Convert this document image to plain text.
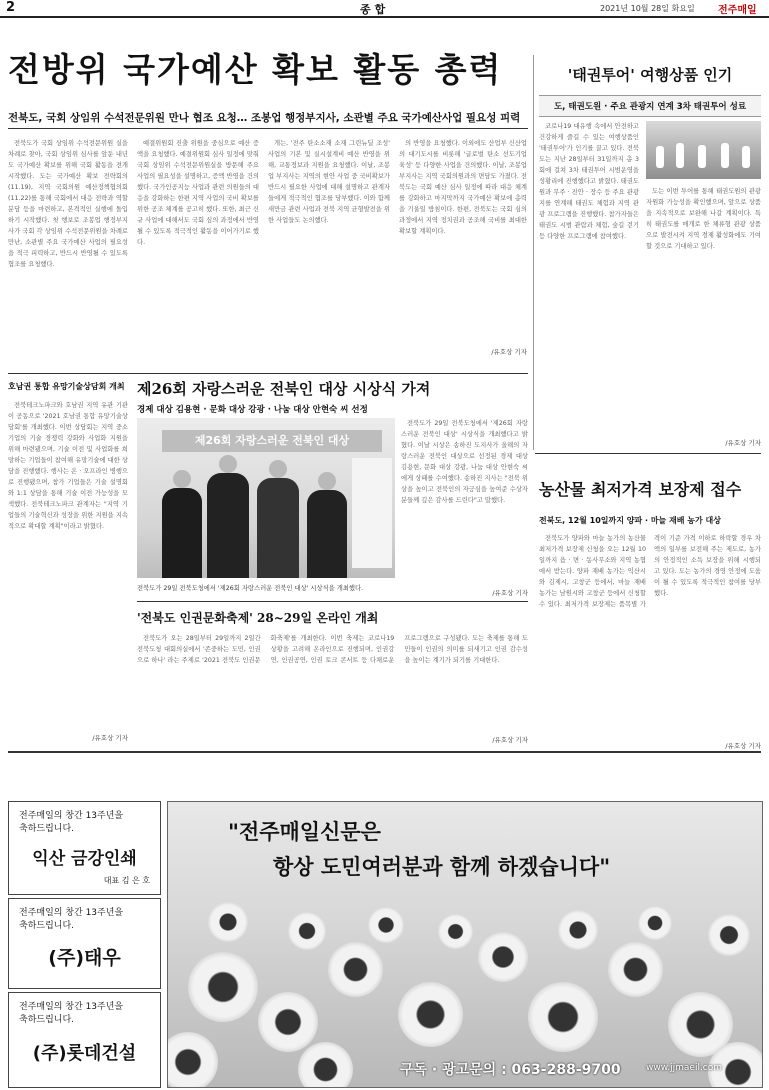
2	종합	2021년 10월 28일 화요일 전주매일
전방위 국가예산 확보 활동 총력
전북도, 국회 상임위 수석전문위원 만나 협조 요청… 조봉업 행정부지사, 소관별 주요 국가예산사업 필요성 피력

전북도가 국회 상임위 수석전문위원 실을 차례로 찾아, 국회 상임위 심사를 앞둔 내년도 국가예산 확보를 위해 국회 활동을 전개 시작했다. 도는 국가예산 확보 전략회의(11.19), 지역 국회의원 예산정책협의회(11.22)를 통해 국회에서 대응 전략과 역할 분담 등을 마련하고, 본격적인 실행에 돌입하기 시작했다. 첫 행보로 조봉업 행정부지사가 국회 각 상임위 수석전문위원을 차례로 만난, 소관별 주요 국가예산 사업의 필요성을 적극 피력하고, 반드시 반영될 수 있도록 협조를 요청했다.

예결위원회 진출 위원을 중심으로 예산 증액을 요청했다. 예결위원회 심사 일정에 맞춰 국회 상임위 수석전문위원실을 방문해 주요사업의 필요성을 설명하고, 증액 반영을 건의했다. 국가인공지능 사업과 관련 의원들의 대응을 강화하는 한편 지역 사업의 국비 확보를 위한 공조 체계를 공고히 했다. 또한, 최근 신규 사업에 대해서도 국회 심의 과정에서 반영될 수 있도록 적극적인 활동을 이어가기로 했다.

개는, '전주 탄소소재 소재 그린뉴딜 조성' 사업의 기본 및 실시설계비 예산 반영을 위해, 교통정보과 지원을 요청했다. 이날, 조봉업 부지사는 지역의 현안 사업 중 국비확보가 반드시 필요한 사업에 대해 설명하고 관계자들에게 적극적인 협조를 당부했다. 이와 함께 새만금 관련 사업과 전북 지역 균형발전을 위한 사업들도 논의했다.

의 반영을 요청했다. 이외에도 산업부 신산업의 대기도시를 비롯해 '글로벌 탄소 선도기업 육성' 등 다양한 사업을 건의했다. 이날, 조봉업 부지사는 지역 국회의원과의 면담도 가졌다. 전북도는 국회 예산 심사 일정에 따라 대응 체계를 강화하고 마지막까지 국가예산 확보에 총력을 기울일 방침이다. 한편, 전북도는 국회 심의 과정에서 지역 정치권과 공조해 국비를 최대한 확보할 계획이다.

/유호상 기자
'태권투어' 여행상품 인기
도, 태권도원 · 주요 관광지 연계 3차 태권투어 성료

코로나19 대유행 속에서 안전하고 건강하게 즐길 수 있는 여행상품인 '태권투어'가 인기를 끌고 있다. 전북도는 지난 28일부터 31일까지 총 3회에 걸쳐 3차 태권투어 시범운영을 성황리에 진행했다고 밝혔다. 태권도원과 무주 · 진안 · 장수 등 주요 관광지를 연계해 태권도 체험과 지역 관광 프로그램을 진행했다. 참가자들은 태권도 시범 관람과 체험, 숲길 걷기 등 다양한 프로그램에 참여했다.

도는 이번 투어를 통해 태권도원의 관광 자원화 가능성을 확인했으며, 앞으로 상품을 지속적으로 보완해 나갈 계획이다. 특히 태권도를 매개로 한 체류형 관광 상품으로 발전시켜 지역 경제 활성화에도 기여할 것으로 기대하고 있다.

/유호상 기자
호남권 통합 유망기술상담회 개최

전북테크노파크와 호남권 지역 유관 기관이 공동으로 '2021 호남권 통합 유망기술상담회'를 개최했다. 이번 상담회는 지역 중소기업의 기술 경쟁력 강화와 사업화 지원을 위해 마련됐으며, 기술 이전 및 사업화를 희망하는 기업들이 참여해 유망기술에 대한 상담을 진행했다. 행사는 온 · 오프라인 병행으로 진행됐으며, 참가 기업들은 기술 설명회와 1:1 상담을 통해 기술 이전 가능성을 모색했다. 전북테크노파크 관계자는 "지역 기업들의 기술혁신과 성장을 위한 지원을 지속적으로 확대할 계획"이라고 밝혔다.

/유호상 기자
제26회 자랑스러운 전북인 대상 시상식 가져
경제 대상 김용현 · 문화 대상 강광 · 나눔 대상 안현숙 씨 선정
제26회 자랑스러운 전북인 대상
전북도가 29일 전북도청에서 '제26회 자랑스러운 전북인 대상' 시상식을 개최했다.

전북도가 29일 전북도청에서 '제26회 자랑스러운 전북인 대상' 시상식을 개최했다고 밝혔다. 이날 시상은 송하진 도지사가 올해의 자랑스러운 전북인 대상으로 선정된 경제 대상 김용현, 문화 대상 강광, 나눔 대상 안현숙 씨에게 상패를 수여했다. 송하진 지사는 "전북 위상을 높이고 전북인의 자긍심을 높여준 수상자분들께 깊은 감사를 드린다"고 말했다.

/유호상 기자
'전북도 인권문화축제' 28~29일 온라인 개최

전북도가 오는 28일부터 29일까지 2일간 전북도청 대회의실에서 '존중하는 도민, 인권으로 하나' 라는 주제로 '2021 전북도 인권문화축제'를 개최한다. 이번 축제는 코로나19 상황을 고려해 온라인으로 진행되며, 인권강연, 인권공연, 인권 토크 콘서트 등 다채로운 프로그램으로 구성됐다. 도는 축제를 통해 도민들이 인권의 의미를 되새기고 인권 감수성을 높이는 계기가 되기를 기대한다.

/유호상 기자
농산물 최저가격 보장제 접수
전북도, 12월 10일까지 양파 · 마늘 재배 농가 대상

전북도가 양파와 마늘 농가의 농산물 최저가격 보장제 신청을 오는 12월 10일까지 읍 · 면 · 동사무소와 지역 농협에서 받는다. 양파 재배 농가는 익산시와 김제시, 고창군 등에서, 마늘 재배 농가는 남원시와 고창군 등에서 신청할 수 있다. 최저가격 보장제는 품목별 가격이 기준 가격 이하로 하락할 경우 차액의 일부를 보전해 주는 제도로, 농가의 안정적인 소득 보장을 위해 시행되고 있다. 도는 농가의 경영 안정에 도움이 될 수 있도록 적극적인 참여를 당부했다.

/유호상 기자
전주매일의 창간 13주년을
축하드립니다.
익산 금강인쇄
대표 김 은 호
전주매일의 창간 13주년을
축하드립니다.
(주)태우
전주매일의 창간 13주년을
축하드립니다.
(주)롯데건설
"전주매일신문은
항상 도민여러분과 함께 하겠습니다"
구독 · 광고문의 : 063-288-9700	www.jjmaeil.com
